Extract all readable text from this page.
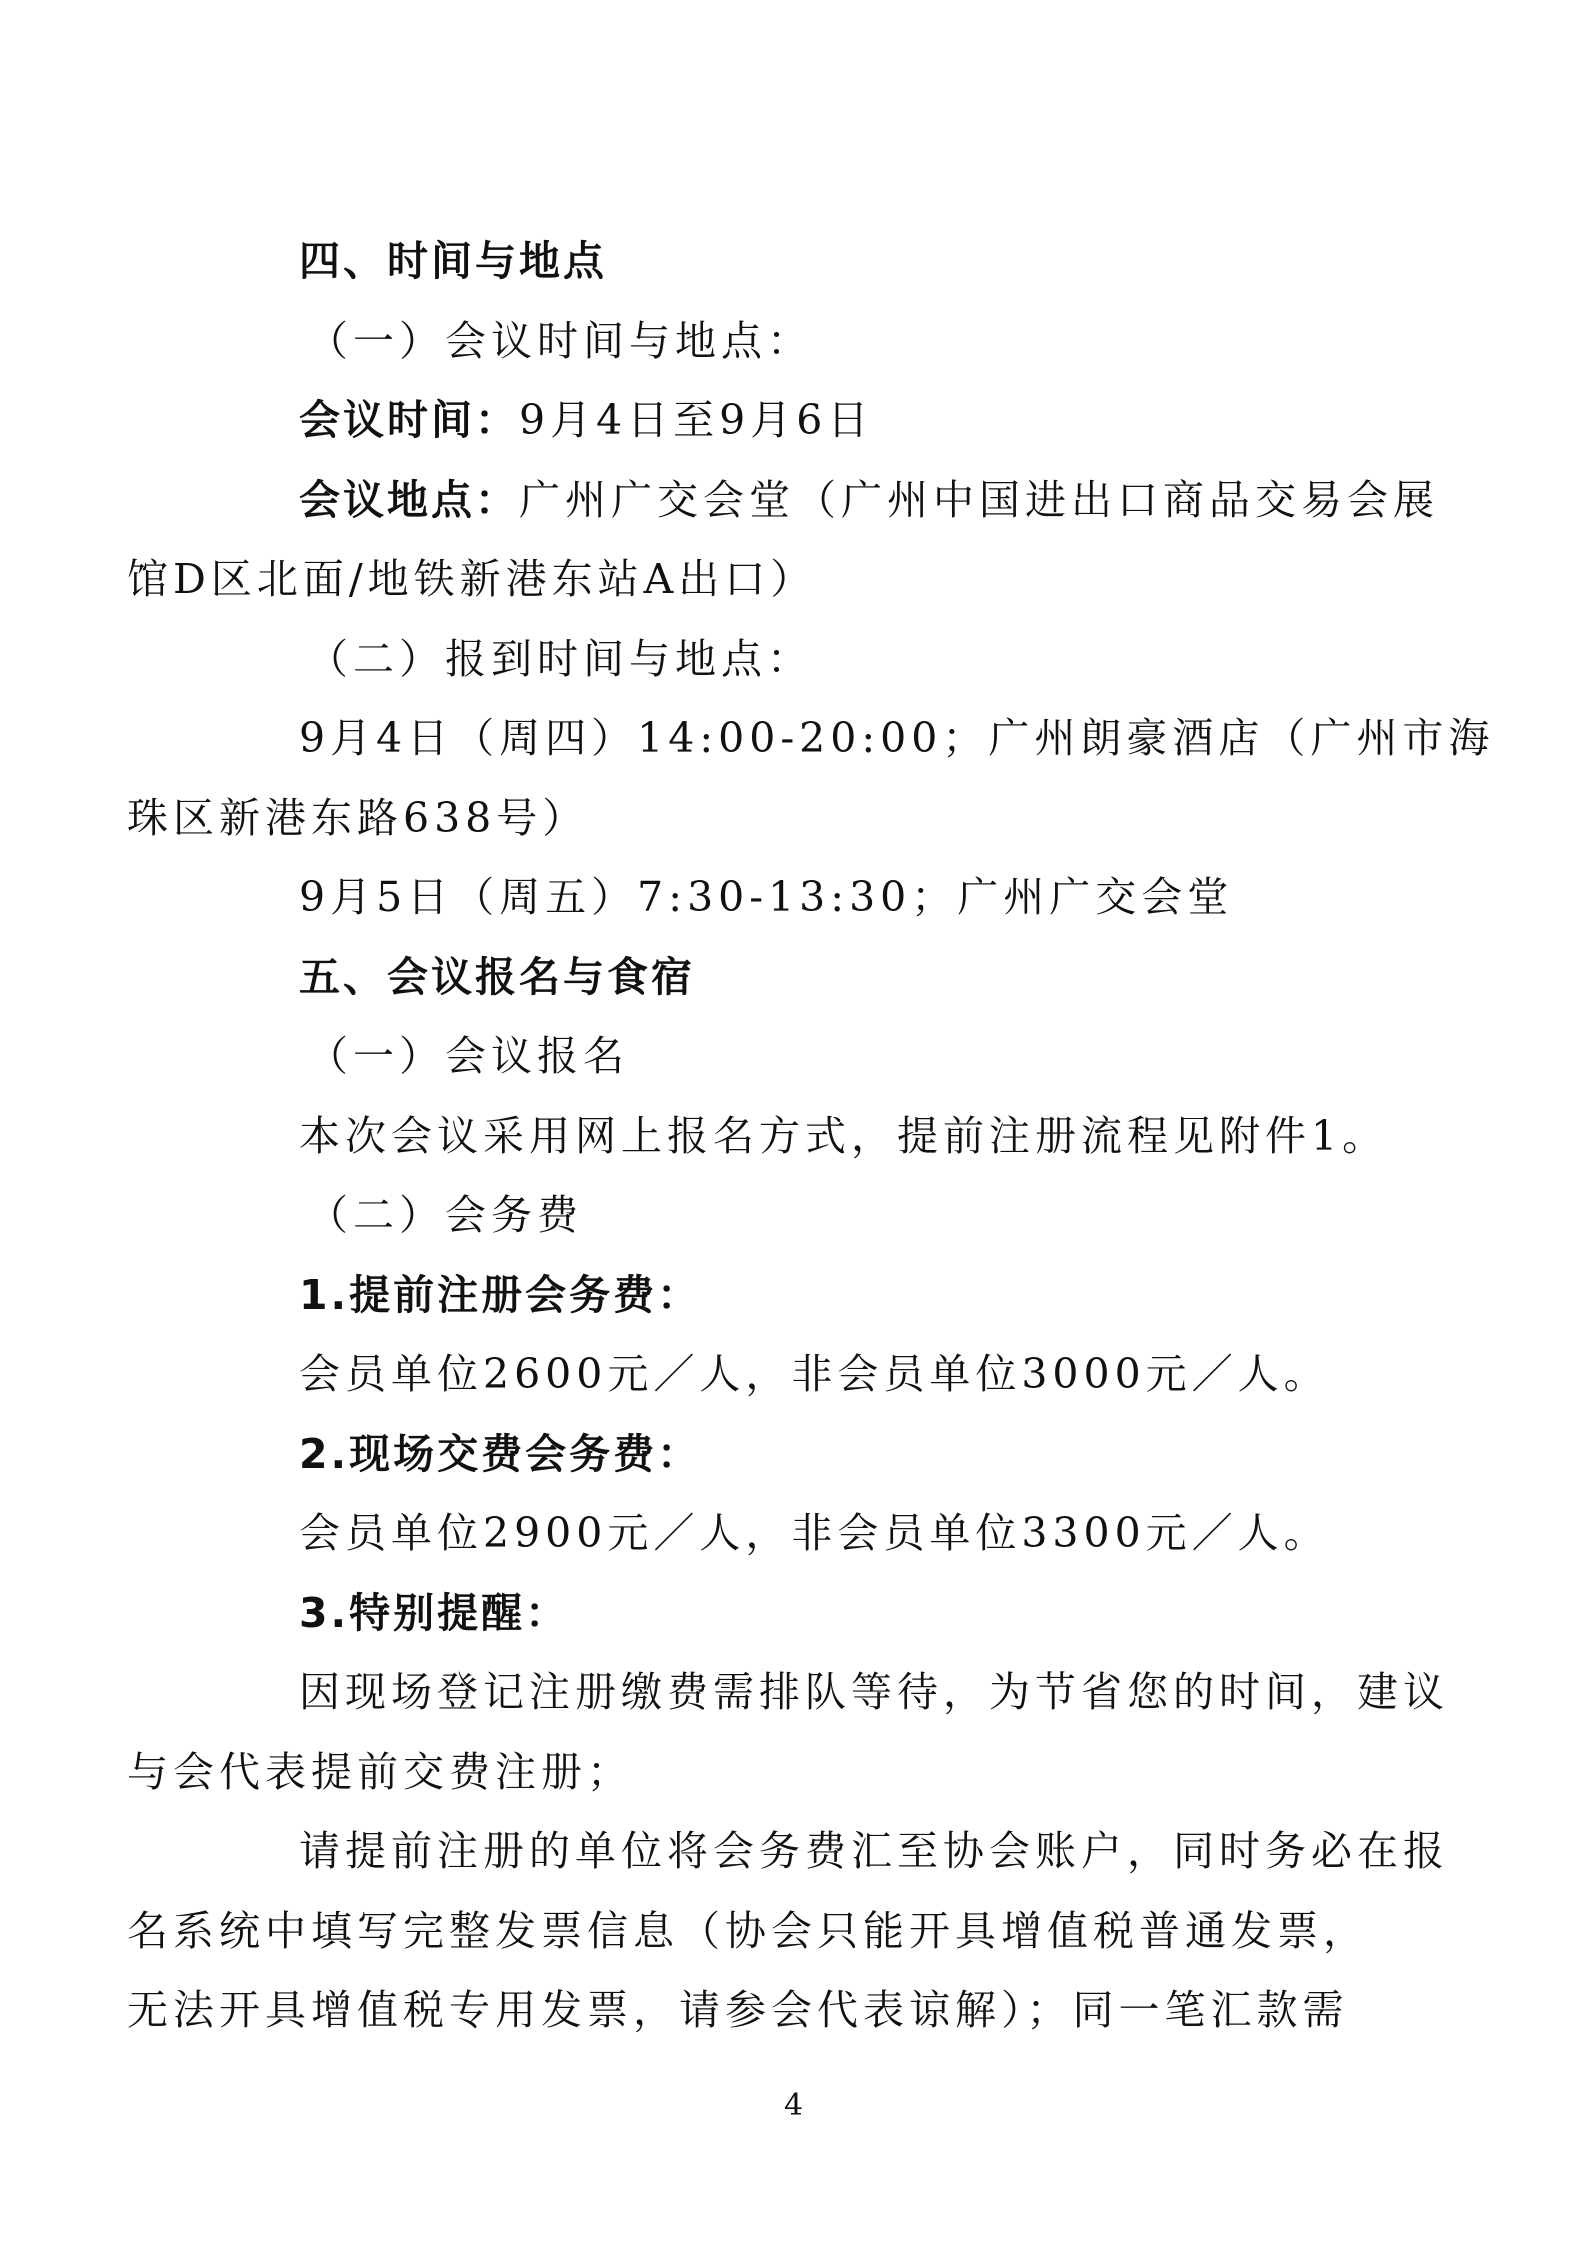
四、时间与地点
（一）会议时间与地点：
会议时间：9月4日至9月6日
会议地点：广州广交会堂（广州中国进出口商品交易会展
馆D区北面/地铁新港东站A出口）
（二）报到时间与地点：
9月4日（周四）14:00-20:00；广州朗豪酒店（广州市海
珠区新港东路638号）
9月5日（周五）7:30-13:30；广州广交会堂
五、会议报名与食宿
（一）会议报名
本次会议采用网上报名方式，提前注册流程见附件1。
（二）会务费
1.提前注册会务费：
会员单位2600元／人，非会员单位3000元／人。
2.现场交费会务费：
会员单位2900元／人，非会员单位3300元／人。
3.特别提醒：
因现场登记注册缴费需排队等待，为节省您的时间，建议
与会代表提前交费注册；
请提前注册的单位将会务费汇至协会账户，同时务必在报
名系统中填写完整发票信息（协会只能开具增值税普通发票，
无法开具增值税专用发票，请参会代表谅解）；同一笔汇款需
4
